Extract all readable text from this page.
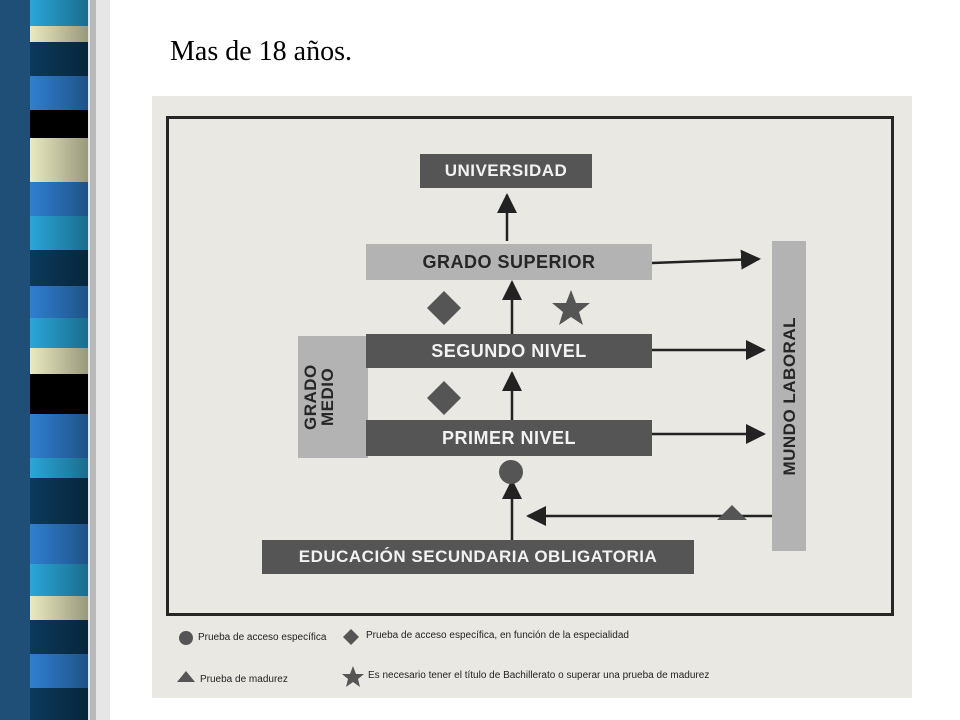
Mas de 18 años.
UNIVERSIDAD
GRADO SUPERIOR
GRADO MEDIO
SEGUNDO NIVEL
PRIMER NIVEL	MUNDO LABORAL
EDUCACIÓN SECUNDARIA OBLIGATORIA
Prueba de acceso específica	Prueba de acceso específica, en función de la especialidad
Prueba de madurez	Es necesario tener el título de Bachillerato o superar una prueba de madurez
